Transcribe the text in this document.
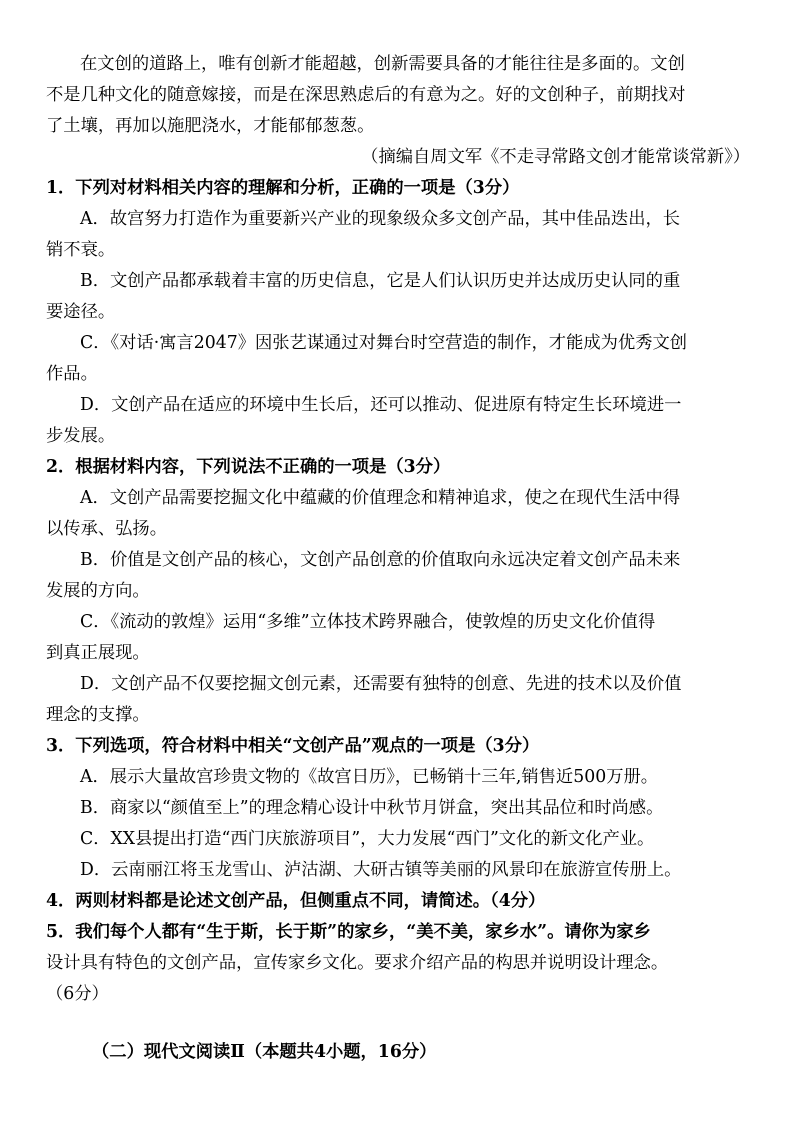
在文创的道路上，唯有创新才能超越，创新需要具备的才能往往是多面的。文创
不是几种文化的随意嫁接，而是在深思熟虑后的有意为之。好的文创种子，前期找对
了土壤，再加以施肥浇水，才能郁郁葱葱。
（摘编自周文军《不走寻常路文创才能常谈常新》）
1．下列对材料相关内容的理解和分析，正确的一项是（3分）
A．故宫努力打造作为重要新兴产业的现象级众多文创产品，其中佳品迭出，长
销不衰。
B．文创产品都承载着丰富的历史信息，它是人们认识历史并达成历史认同的重
要途径。
C．《对话·寓言2047》因张艺谋通过对舞台时空营造的制作，才能成为优秀文创
作品。
D．文创产品在适应的环境中生长后，还可以推动、促进原有特定生长环境进一
步发展。
2．根据材料内容，下列说法不正确的一项是（3分）
A．文创产品需要挖掘文化中蕴藏的价值理念和精神追求，使之在现代生活中得
以传承、弘扬。
B．价值是文创产品的核心，文创产品创意的价值取向永远决定着文创产品未来
发展的方向。
C．《流动的敦煌》运用“多维”立体技术跨界融合，使敦煌的历史文化价值得
到真正展现。
D．文创产品不仅要挖掘文创元素，还需要有独特的创意、先进的技术以及价值
理念的支撑。
3．下列选项，符合材料中相关“文创产品”观点的一项是（3分）
A．展示大量故宫珍贵文物的《故宫日历》，已畅销十三年,销售近500万册。
B．商家以“颜值至上”的理念精心设计中秋节月饼盒，突出其品位和时尚感。
C．XX县提出打造“西门庆旅游项目”，大力发展“西门”文化的新文化产业。
D．云南丽江将玉龙雪山、泸沽湖、大研古镇等美丽的风景印在旅游宣传册上。
4．两则材料都是论述文创产品，但侧重点不同，请简述。（4分）
5．我们每个人都有“生于斯，长于斯”的家乡，“美不美，家乡水”。请你为家乡
设计具有特色的文创产品，宣传家乡文化。要求介绍产品的构思并说明设计理念。
（6分）
（二）现代文阅读Ⅱ（本题共4小题，16分）
